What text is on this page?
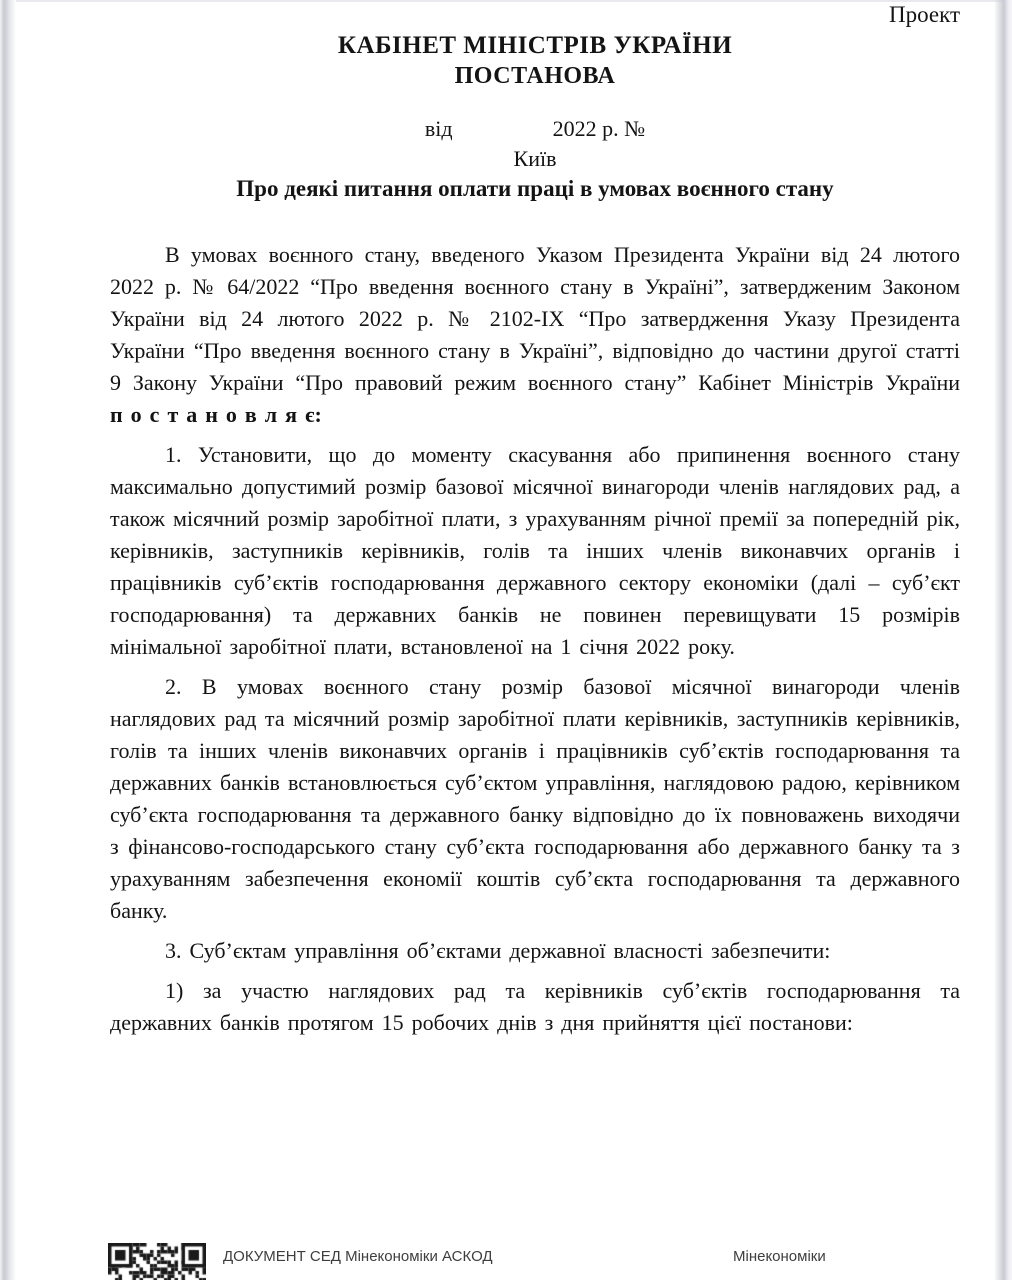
Проект

КАБІНЕТ МІНІСТРІВ УКРАЇНИ
ПОСТАНОВА
від	2022 р. №

Київ

Про деякі питання оплати праці в умовах воєнного стану

В умовах воєнного стану, введеного Указом Президента України від 24 лютого 2022 р. № 64/2022 “Про введення воєнного стану в Україні”, затвердженим Законом України від 24 лютого 2022 р. № 2102-ІХ “Про затвердження Указу Президента України “Про введення воєнного стану в Україні”, відповідно до частини другої статті 9 Закону України “Про правовий режим воєнного стану” Кабінет Міністрів України п о с т а н о в л я є:

1. Установити, що до моменту скасування або припинення воєнного стану максимально допустимий розмір базової місячної винагороди членів наглядових рад, а також місячний розмір заробітної плати, з урахуванням річної премії за попередній рік, керівників, заступників керівників, голів та інших членів виконавчих органів і працівників суб’єктів господарювання державного сектору економіки (далі – суб’єкт господарювання) та державних банків не повинен перевищувати 15 розмірів мінімальної заробітної плати, встановленої на 1 січня 2022 року.

2. В умовах воєнного стану розмір базової місячної винагороди членів наглядових рад та місячний розмір заробітної плати керівників, заступників керівників, голів та інших членів виконавчих органів і працівників суб’єктів господарювання та державних банків встановлюється суб’єктом управління, наглядовою радою, керівником суб’єкта господарювання та державного банку відповідно до їх повноважень виходячи з фінансово-господарського стану суб’єкта господарювання або державного банку та з урахуванням забезпечення економії коштів суб’єкта господарювання та державного банку.

3. Суб’єктам управління об’єктами державної власності забезпечити:

1) за участю наглядових рад та керівників суб’єктів господарювання та державних банків протягом 15 робочих днів з дня прийняття цієї постанови:

ДОКУМЕНТ СЕД Мінекономіки АСКОД	Мінекономіки
